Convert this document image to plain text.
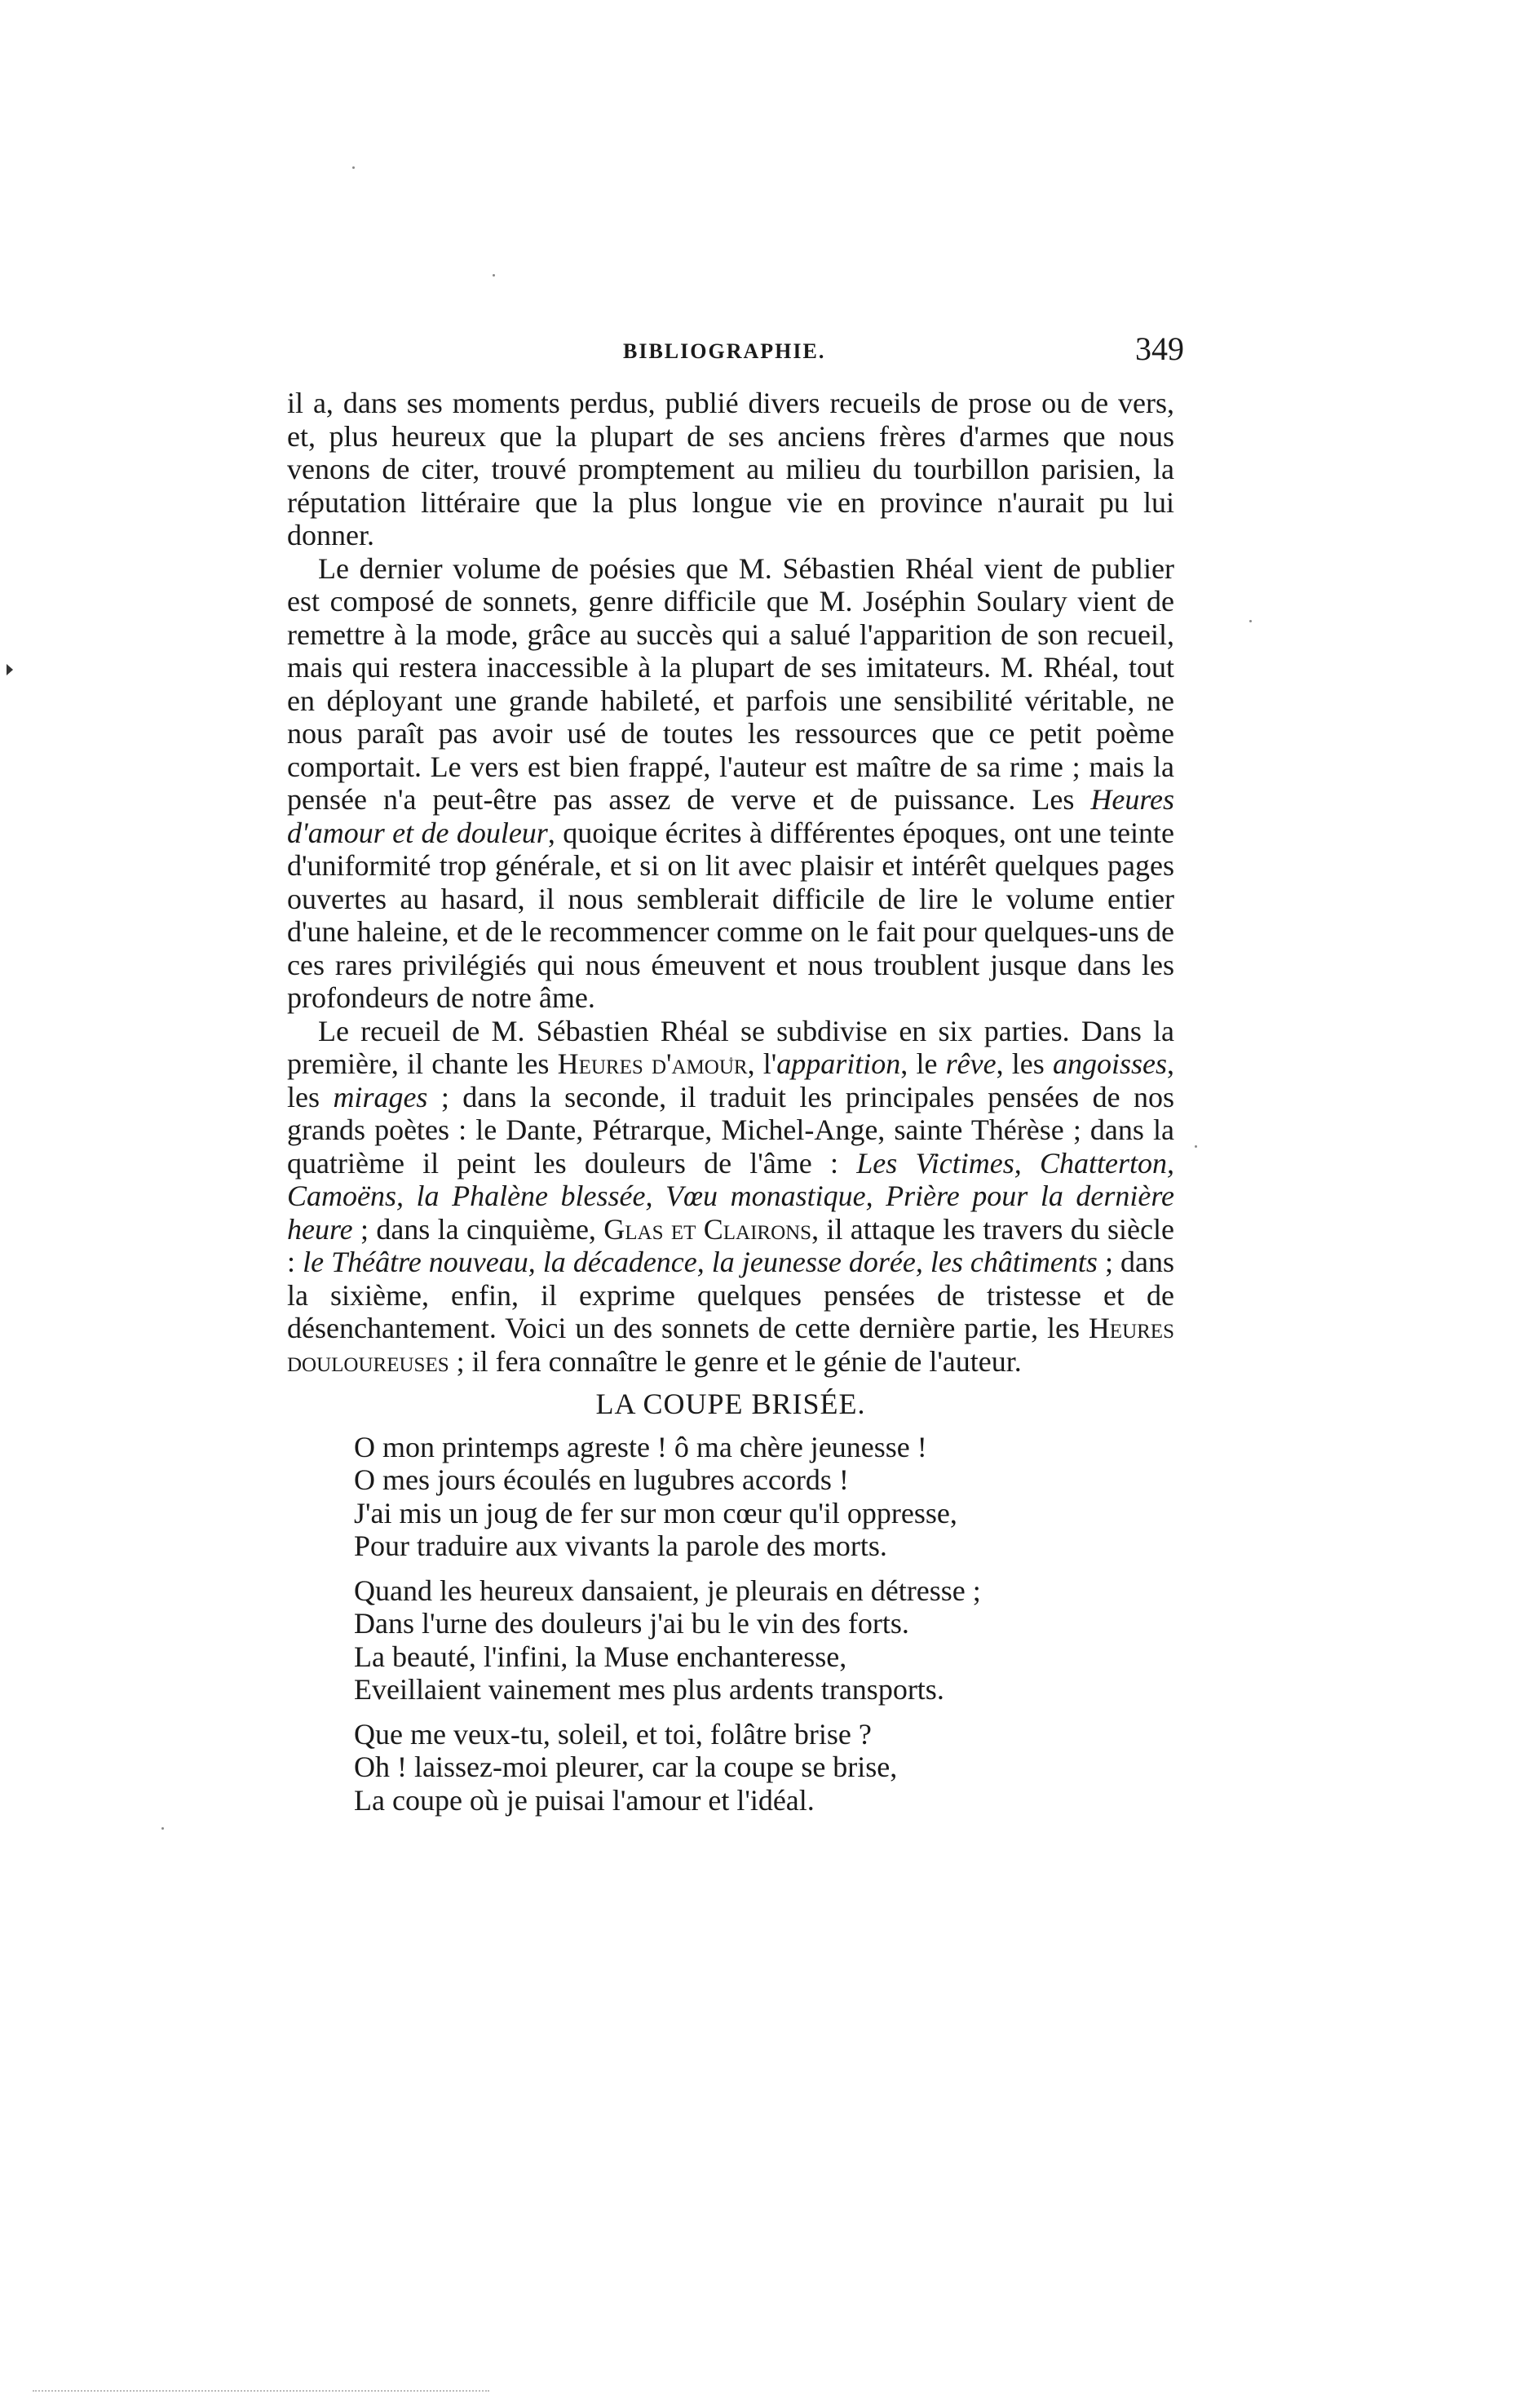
BIBLIOGRAPHIE.	349

il a, dans ses moments perdus, publié divers recueils de prose ou de vers, et, plus heureux que la plupart de ses anciens frères d'armes que nous venons de citer, trouvé promptement au milieu du tourbillon parisien, la réputation littéraire que la plus longue vie en province n'aurait pu lui donner.

Le dernier volume de poésies que M. Sébastien Rhéal vient de publier est composé de sonnets, genre difficile que M. Joséphin Soulary vient de remettre à la mode, grâce au succès qui a salué l'apparition de son recueil, mais qui restera inaccessible à la plupart de ses imitateurs. M. Rhéal, tout en déployant une grande habileté, et parfois une sensibilité véritable, ne nous paraît pas avoir usé de toutes les ressources que ce petit poème comportait. Le vers est bien frappé, l'auteur est maître de sa rime ; mais la pensée n'a peut-être pas assez de verve et de puissance. Les Heures d'amour et de douleur, quoique écrites à différentes époques, ont une teinte d'uniformité trop générale, et si on lit avec plaisir et intérêt quelques pages ouvertes au hasard, il nous semblerait difficile de lire le volume entier d'une haleine, et de le recommencer comme on le fait pour quelques-uns de ces rares privilégiés qui nous émeuvent et nous troublent jusque dans les profondeurs de notre âme.

Le recueil de M. Sébastien Rhéal se subdivise en six parties. Dans la première, il chante les Heures d'amour, l'apparition, le rêve, les angoisses, les mirages ; dans la seconde, il traduit les principales pensées de nos grands poètes : le Dante, Pétrarque, Michel-Ange, sainte Thérèse ; dans la quatrième il peint les douleurs de l'âme : Les Victimes, Chatterton, Camoëns, la Phalène blessée, Vœu monastique, Prière pour la dernière heure ; dans la cinquième, Glas et Clairons, il attaque les travers du siècle : le Théâtre nouveau, la décadence, la jeunesse dorée, les châtiments ; dans la sixième, enfin, il exprime quelques pensées de tristesse et de désenchantement. Voici un des sonnets de cette dernière partie, les Heures douloureuses ; il fera connaître le genre et le génie de l'auteur.

LA COUPE BRISÉE.
O mon printemps agreste ! ô ma chère jeunesse !
O mes jours écoulés en lugubres accords !
J'ai mis un joug de fer sur mon cœur qu'il oppresse,
Pour traduire aux vivants la parole des morts.
Quand les heureux dansaient, je pleurais en détresse ;
Dans l'urne des douleurs j'ai bu le vin des forts.
La beauté, l'infini, la Muse enchanteresse,
Eveillaient vainement mes plus ardents transports.
Que me veux-tu, soleil, et toi, folâtre brise ?
Oh ! laissez-moi pleurer, car la coupe se brise,
La coupe où je puisai l'amour et l'idéal.
